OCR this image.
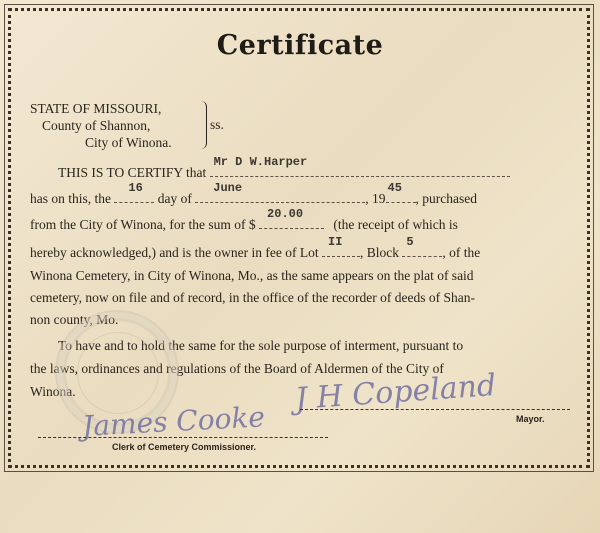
Certificate
STATE OF MISSOURI,
County of Shannon,
City of Winona.
ss.
THIS IS TO CERTIFY that
Mr D W.Harper
has on this, the
16
day of
June
, 19
45
, purchased
from the City of Winona, for the sum of $
20.00
(the receipt of which is
hereby acknowledged,) and is the owner in fee of Lot
II
, Block
5
, of the
Winona Cemetery, in City of Winona, Mo., as the same appears on the plat of said
cemetery, now on file and of record, in the office of the recorder of deeds of Shan-
non county, Mo.
To have and to hold the same for the sole purpose of interment, pursuant to
the laws, ordinances and regulations of the Board of Aldermen of the City of
Winona.	J H Copeland
Mayor.
James Cooke
Clerk of Cemetery Commissioner.
